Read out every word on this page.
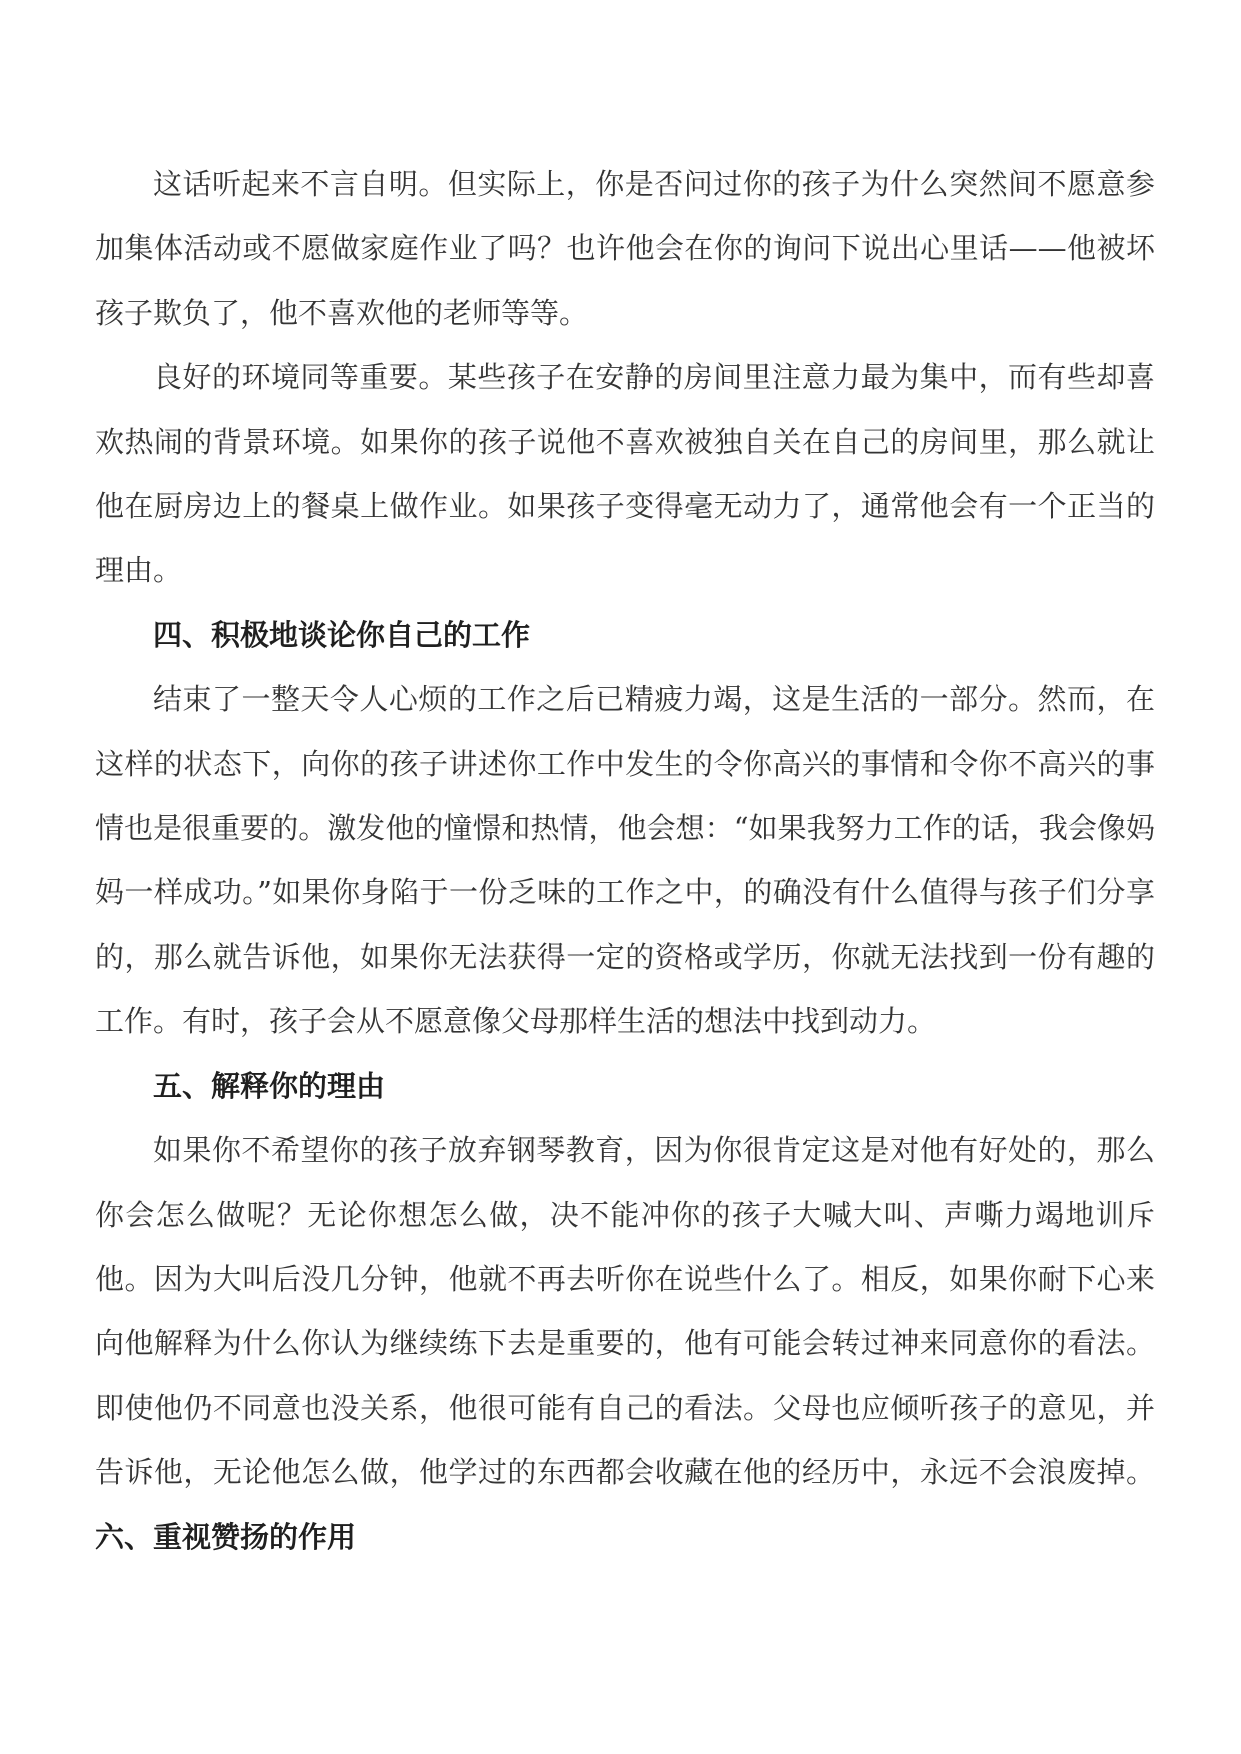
这话听起来不言自明。但实际上，你是否问过你的孩子为什么突然间不愿意参加集体活动或不愿做家庭作业了吗？也许他会在你的询问下说出心里话——他被坏孩子欺负了，他不喜欢他的老师等等。

良好的环境同等重要。某些孩子在安静的房间里注意力最为集中，而有些却喜欢热闹的背景环境。如果你的孩子说他不喜欢被独自关在自己的房间里，那么就让他在厨房边上的餐桌上做作业。如果孩子变得毫无动力了，通常他会有一个正当的理由。

四、积极地谈论你自己的工作

结束了一整天令人心烦的工作之后已精疲力竭，这是生活的一部分。然而，在这样的状态下，向你的孩子讲述你工作中发生的令你高兴的事情和令你不高兴的事情也是很重要的。激发他的憧憬和热情，他会想：“如果我努力工作的话，我会像妈妈一样成功。”如果你身陷于一份乏味的工作之中，的确没有什么值得与孩子们分享的，那么就告诉他，如果你无法获得一定的资格或学历，你就无法找到一份有趣的工作。有时，孩子会从不愿意像父母那样生活的想法中找到动力。

五、解释你的理由

如果你不希望你的孩子放弃钢琴教育，因为你很肯定这是对他有好处的，那么你会怎么做呢？无论你想怎么做，决不能冲你的孩子大喊大叫、声嘶力竭地训斥他。因为大叫后没几分钟，他就不再去听你在说些什么了。相反，如果你耐下心来向他解释为什么你认为继续练下去是重要的，他有可能会转过神来同意你的看法。即使他仍不同意也没关系，他很可能有自己的看法。父母也应倾听孩子的意见，并告诉他，无论他怎么做，他学过的东西都会收藏在他的经历中，永远不会浪废掉。六、重视赞扬的作用
